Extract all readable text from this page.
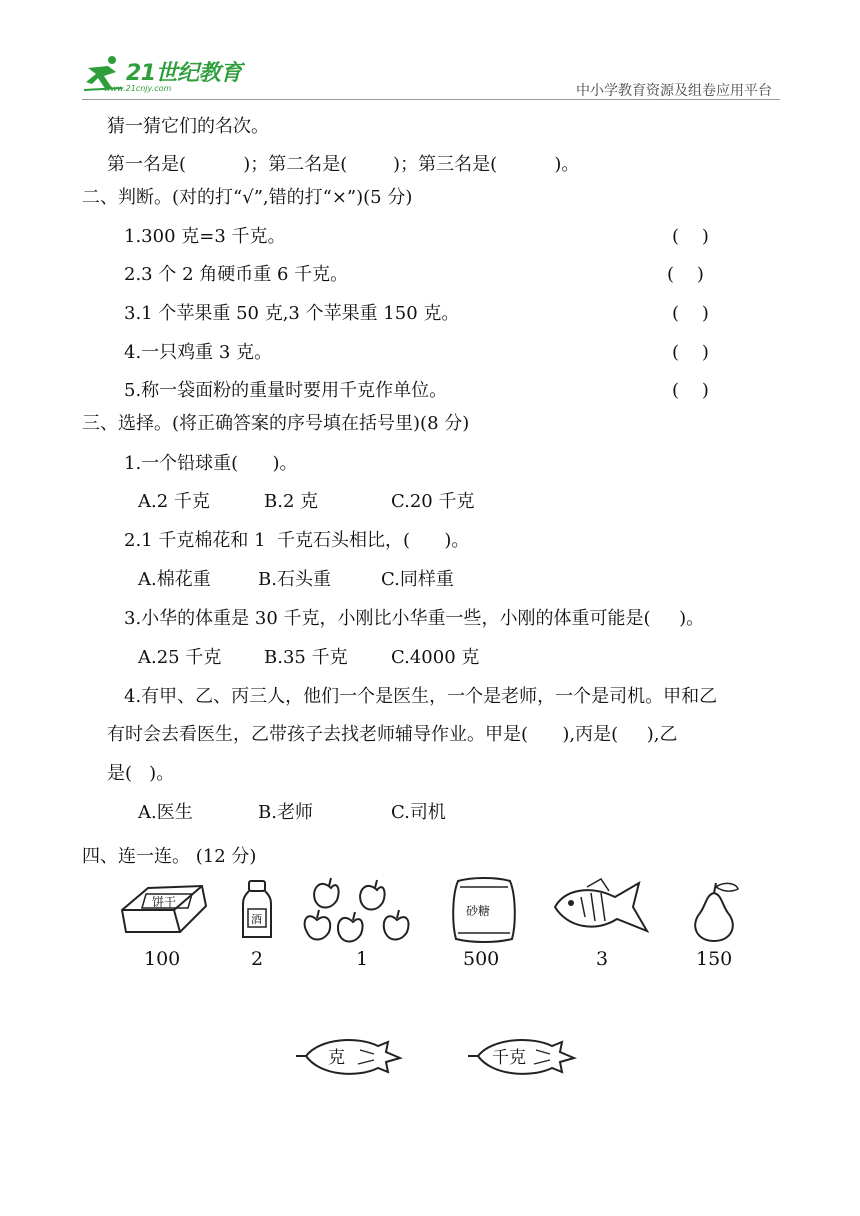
21世纪教育
www.21cnjy.com	中小学教育资源及组卷应用平台
猜一猜它们的名次。
第一名是(          )；第二名是(        )；第三名是(          )。
二、判断。(对的打“√”,错的打“×”)(5 分)
1.300 克=3 千克。	(    )
2.3 个 2 角硬币重 6 千克。	(    )
3.1 个苹果重 50 克,3 个苹果重 150 克。	(    )
4.一只鸡重 3 克。	(    )
5.称一袋面粉的重量时要用千克作单位。	(    )
三、选择。(将正确答案的序号填在括号里)(8 分)
1.一个铅球重(      )。
A.2 千克	B.2 克	C.20 千克
2.1 千克棉花和 1  千克石头相比，(      )。
A.棉花重	B.石头重	C.同样重
3.小华的体重是 30 千克，小刚比小华重一些，小刚的体重可能是(     )。
A.25 千克 B.35 千克 C.4000 克
4.有甲、乙、丙三人，他们一个是医生，一个是老师，一个是司机。甲和乙
有时会去看医生，乙带孩子去找老师辅导作业。甲是(      ),丙是(     ),乙
是(   )。
A.医生	B.老师	C.司机
四、连一连。 (12 分)
饼干
酒
砂糖
100	2	1	500	3	150
克	千克
